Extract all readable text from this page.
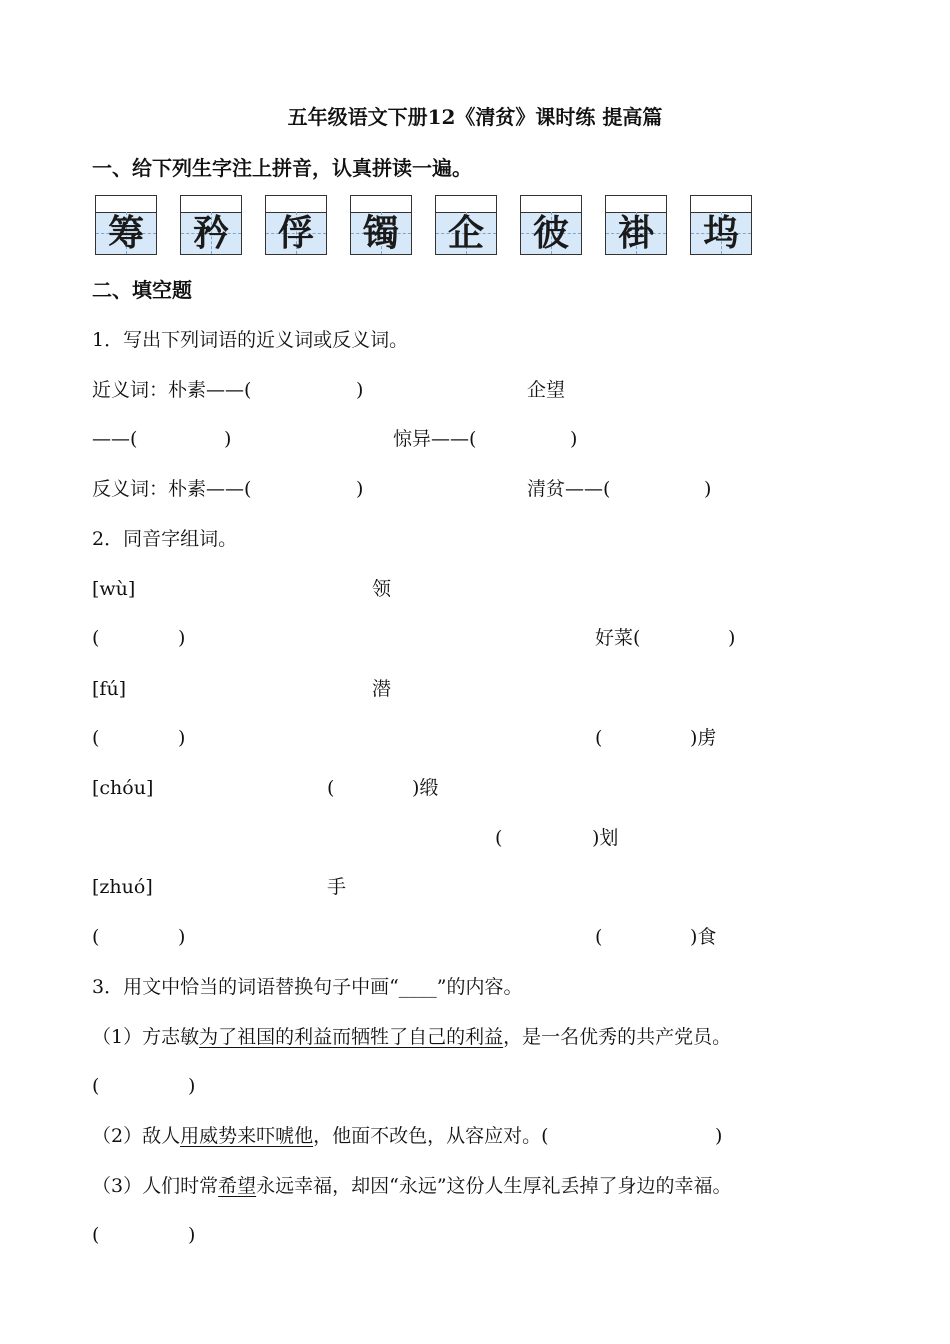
五年级语文下册12《清贫》课时练 提高篇
一、给下列生字注上拼音，认真拼读一遍。
筹	矜	俘	镯	企	彼	褂	坞
二、填空题
1．写出下列词语的近义词或反义词。
近义词：朴素——(	)	企望
——(	)	惊异——(	)
反义词：朴素——(	)	清贫——(	)
2．同音字组词。
[wù]	领
(	)	好菜(	)
[fú]	潜
(	)	(	)虏
[chóu]	(	)缎
(	)划
[zhuó]	手
(	)	(	)食
3．用文中恰当的词语替换句子中画“____”的内容。
（1）方志敏为了祖国的利益而牺牲了自己的利益，是一名优秀的共产党员。
(	)
（2）敌人用威势来吓唬他，他面不改色，从容应对。(	)
（3）人们时常希望永远幸福，却因“永远”这份人生厚礼丢掉了身边的幸福。
(	)
